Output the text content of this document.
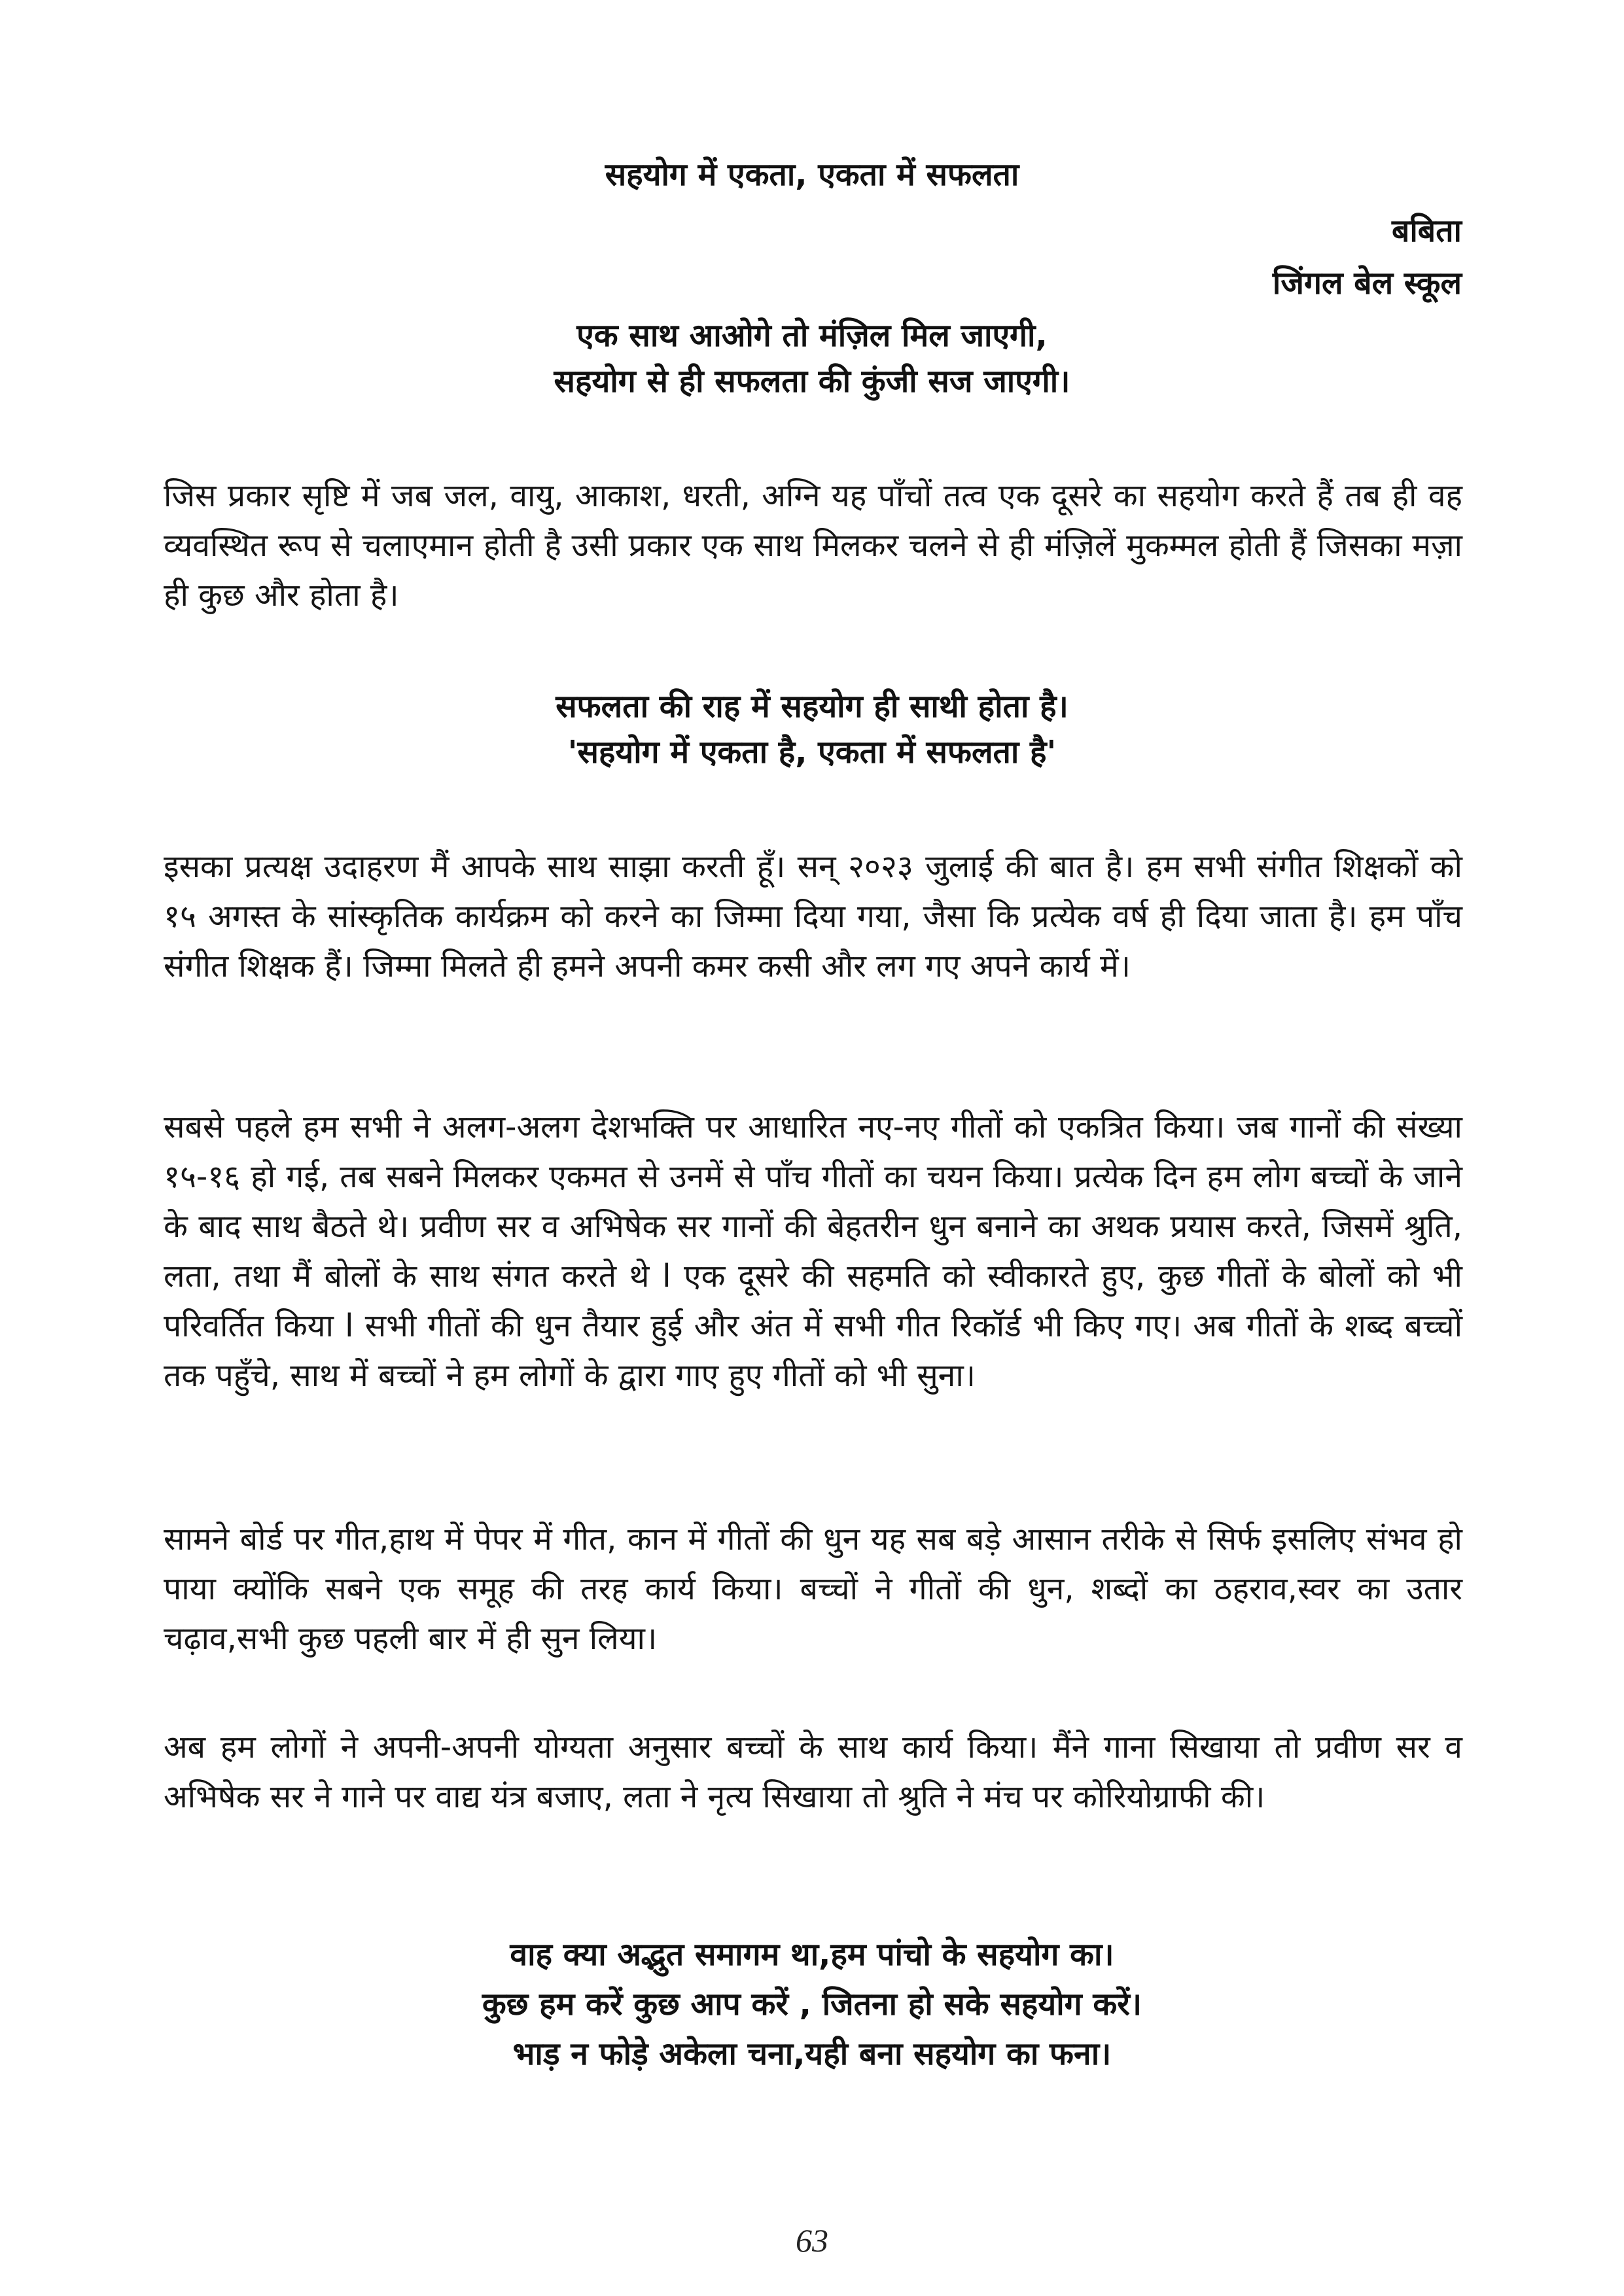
सहयोग में एकता, एकता में सफलता
बबिता
जिंगल बेल स्कूल
एक साथ आओगे तो मंज़िल मिल जाएगी,
सहयोग से ही सफलता की कुंजी सज जाएगी।
जिस प्रकार सृष्टि में जब जल, वायु, आकाश, धरती, अग्नि यह पाँचों तत्व एक दूसरे का सहयोग करते हैं तब ही वह व्यवस्थित रूप से चलाएमान होती है उसी प्रकार एक साथ मिलकर चलने से ही मंज़िलें मुकम्मल होती हैं जिसका मज़ा ही कुछ और होता है।
सफलता की राह में सहयोग ही साथी होता है।
'सहयोग में एकता है, एकता में सफलता है'
इसका प्रत्यक्ष उदाहरण मैं आपके साथ साझा करती हूँ। सन् २०२३ जुलाई की बात है। हम सभी संगीत शिक्षकों को १५ अगस्त के सांस्कृतिक कार्यक्रम को करने का जिम्मा दिया गया, जैसा कि प्रत्येक वर्ष ही दिया जाता है। हम पाँच संगीत शिक्षक हैं। जिम्मा मिलते ही हमने अपनी कमर कसी और लग गए अपने कार्य में।
सबसे पहले हम सभी ने अलग-अलग देशभक्ति पर आधारित नए-नए गीतों को एकत्रित किया। जब गानों की संख्या १५-१६ हो गई, तब सबने मिलकर एकमत से उनमें से पाँच गीतों का चयन किया। प्रत्येक दिन हम लोग बच्चों के जाने के बाद साथ बैठते थे। प्रवीण सर व अभिषेक सर गानों की बेहतरीन धुन बनाने का अथक प्रयास करते, जिसमें श्रुति, लता, तथा मैं बोलों के साथ संगत करते थे l एक दूसरे की सहमति को स्वीकारते हुए, कुछ गीतों के बोलों को भी परिवर्तित किया l सभी गीतों की धुन तैयार हुई और अंत में सभी गीत रिकॉर्ड भी किए गए। अब गीतों के शब्द बच्चों तक पहुँचे, साथ में बच्चों ने हम लोगों के द्वारा गाए हुए गीतों को भी सुना।
सामने बोर्ड पर गीत,हाथ में पेपर में गीत, कान में गीतों की धुन यह सब बड़े आसान तरीके से सिर्फ इसलिए संभव हो पाया क्योंकि सबने एक समूह की तरह कार्य किया। बच्चों ने गीतों की धुन, शब्दों का ठहराव,स्वर का उतार चढ़ाव,सभी कुछ पहली बार में ही सुन लिया।
अब हम लोगों ने अपनी-अपनी योग्यता अनुसार बच्चों के साथ कार्य किया। मैंने गाना सिखाया तो प्रवीण सर व अभिषेक सर ने गाने पर वाद्य यंत्र बजाए, लता ने नृत्य सिखाया तो श्रुति ने मंच पर कोरियोग्राफी की।
वाह क्या अद्भुत समागम था,हम पांचो के सहयोग का।
कुछ हम करें कुछ आप करें , जितना हो सके सहयोग करें।
भाड़ न फोड़े अकेला चना,यही बना सहयोग का फना।
63
